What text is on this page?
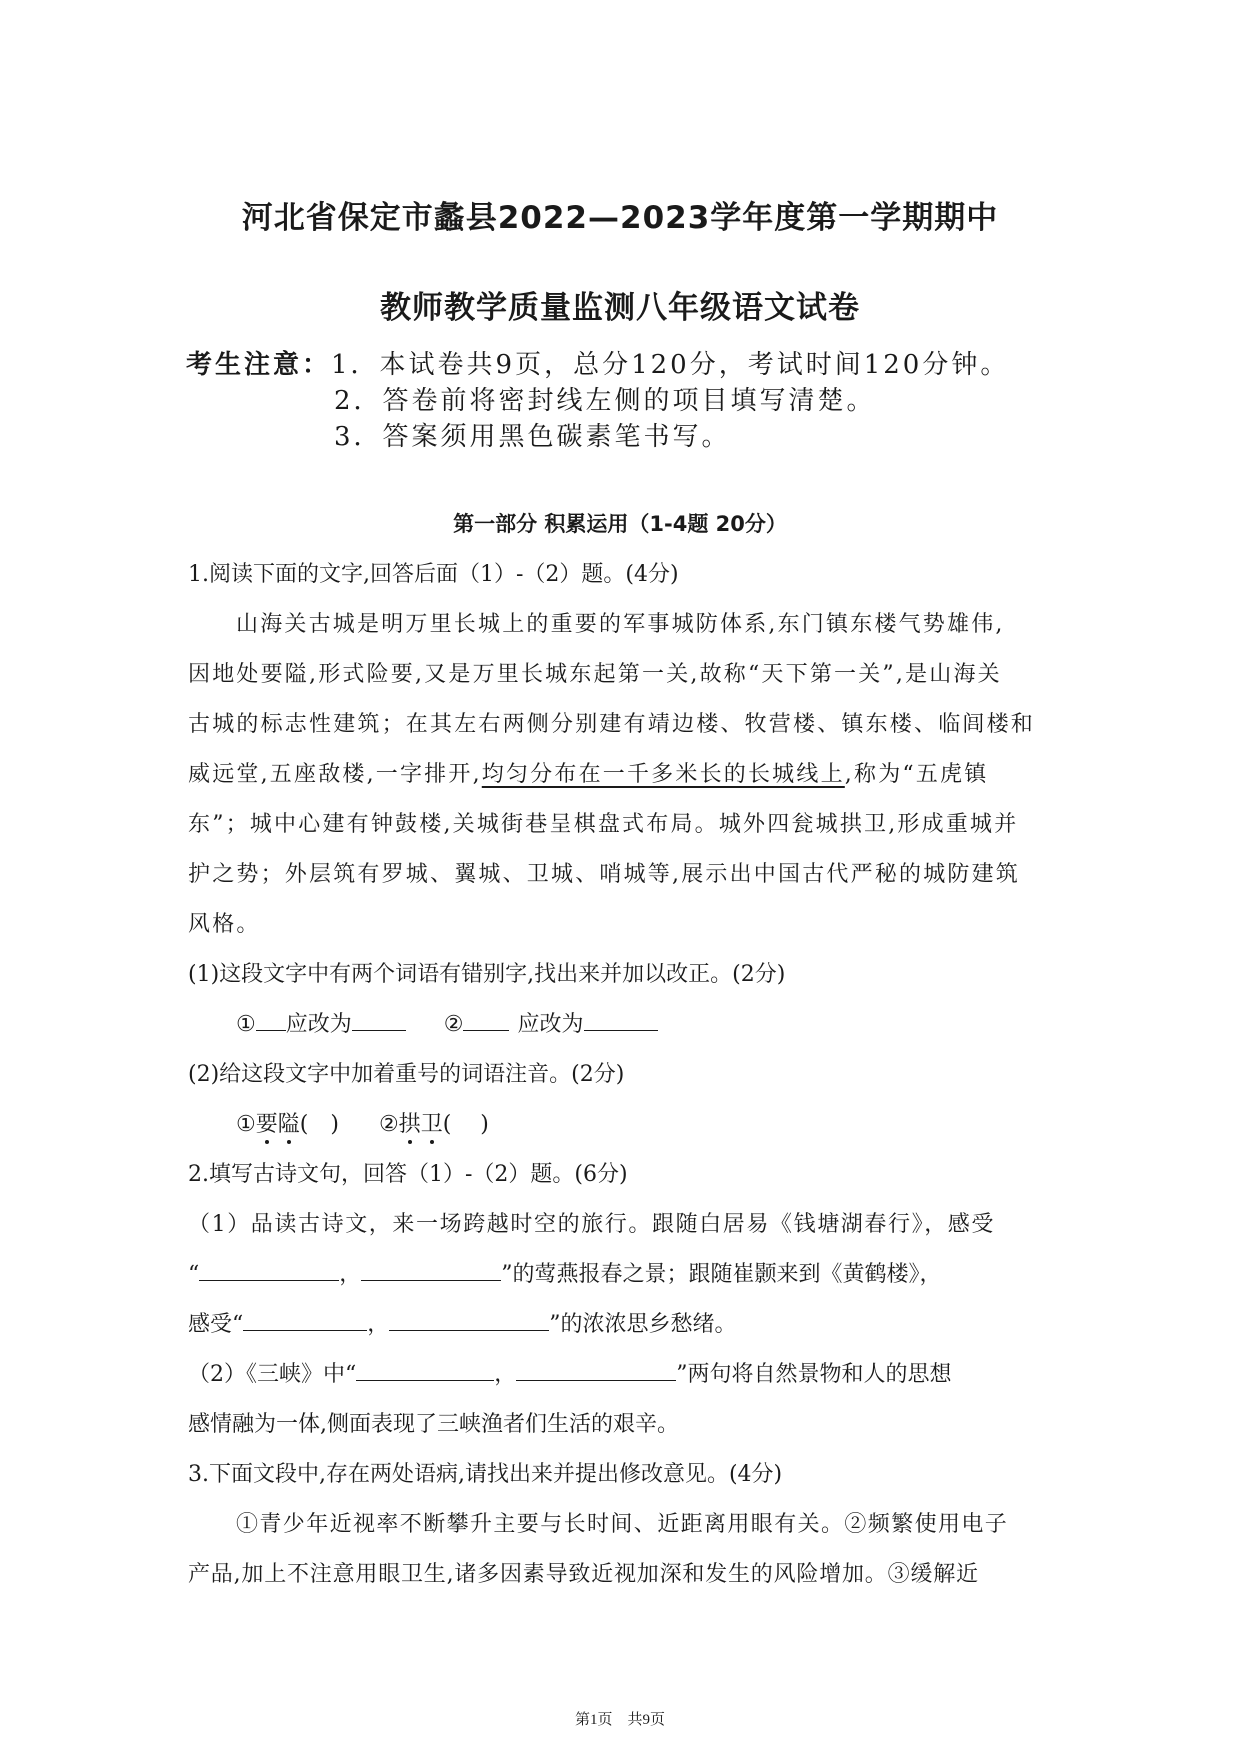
河北省保定市蠡县2022—2023学年度第一学期期中
教师教学质量监测八年级语文试卷
考生注意：1．本试卷共9页，总分120分，考试时间120分钟。
2．答卷前将密封线左侧的项目填写清楚。
3．答案须用黑色碳素笔书写。
第一部分 积累运用（1-4题 20分）
1.阅读下面的文字,回答后面（1）-（2）题。(4分)
山海关古城是明万里长城上的重要的军事城防体系,东门镇东楼气势雄伟,
因地处要隘,形式险要,又是万里长城东起第一关,故称“天下第一关”,是山海关
古城的标志性建筑；在其左右两侧分别建有靖边楼、牧营楼、镇东楼、临闾楼和
威远堂,五座敌楼,一字排开,均匀分布在一千多米长的长城线上,称为“五虎镇
东”；城中心建有钟鼓楼,关城街巷呈棋盘式布局。城外四瓮城拱卫,形成重城并
护之势；外层筑有罗城、翼城、卫城、哨城等,展示出中国古代严秘的城防建筑
风格。
(1)这段文字中有两个词语有错别字,找出来并加以改正。(2分)
① 应改为	② 应改为
(2)给这段文字中加着重号的词语注音。(2分)
①要隘(　) ②拱卫(　 )
2.填写古诗文句，回答（1）-（2）题。(6分)
（1）品读古诗文，来一场跨越时空的旅行。跟随白居易《钱塘湖春行》，感受
“	，	”的莺燕报春之景；跟随崔颢来到《黄鹤楼》，
感受“	，	”的浓浓思乡愁绪。
（2）《三峡》中“	，	”两句将自然景物和人的思想
感情融为一体,侧面表现了三峡渔者们生活的艰辛。
3.下面文段中,存在两处语病,请找出来并提出修改意见。(4分)
①青少年近视率不断攀升主要与长时间、近距离用眼有关。②频繁使用电子
产品,加上不注意用眼卫生,诸多因素导致近视加深和发生的风险增加。③缓解近
第1页　共9页
